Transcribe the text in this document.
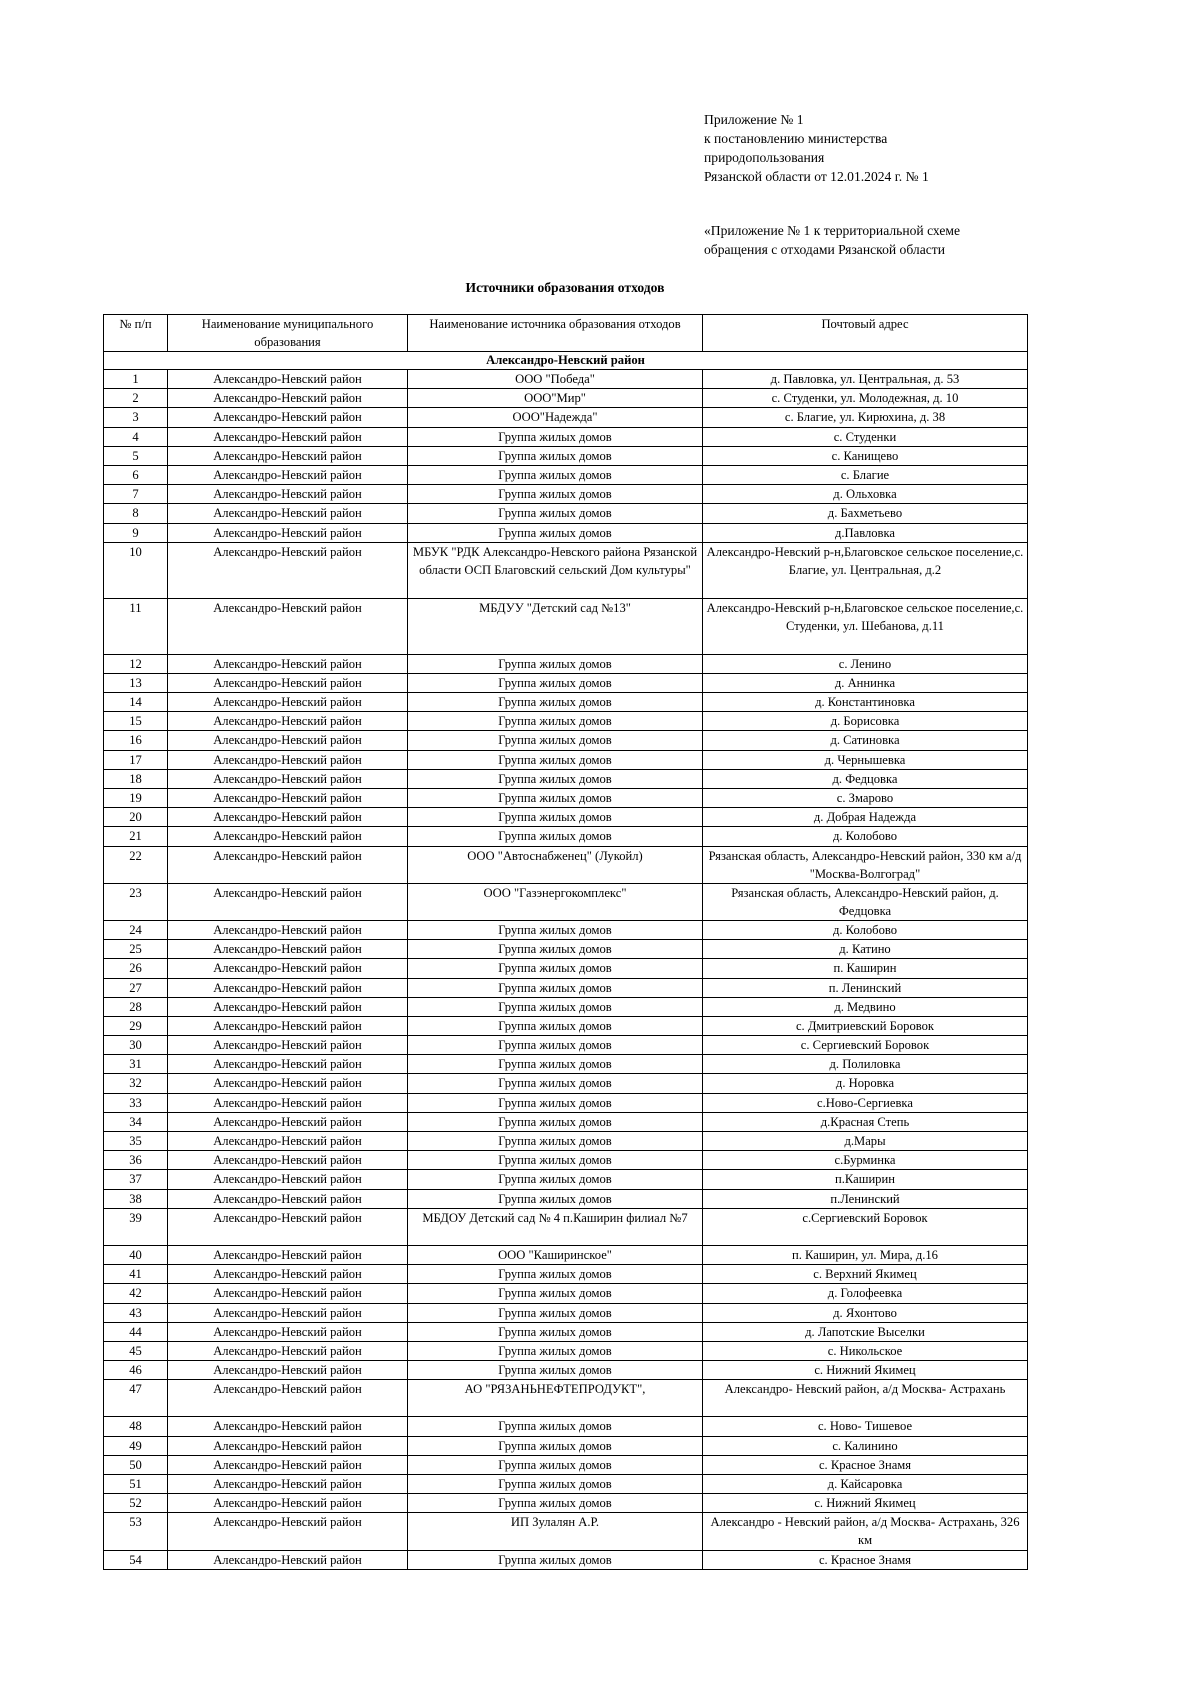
Приложение № 1

к постановлению министерства

природопользования

Рязанской области от 12.01.2024 г. № 1

«Приложение № 1 к территориальной схеме

обращения с отходами Рязанской области

Источники образования отходов
№ п/п	Наименование муниципального образования	Наименование источника образования отходов	Почтовый адрес
Александро-Невский район			
1	Александро-Невский район	ООО "Победа"	д. Павловка, ул. Центральная, д. 53
2	Александро-Невский район	ООО"Мир"	с. Студенки, ул. Молодежная, д. 10
3	Александро-Невский район	ООО"Надежда"	с. Благие, ул. Кирюхина, д. 38
4	Александро-Невский район	Группа жилых домов	с. Студенки
5	Александро-Невский район	Группа жилых домов	с. Канищево
6	Александро-Невский район	Группа жилых домов	с. Благие
7	Александро-Невский район	Группа жилых домов	д. Ольховка
8	Александро-Невский район	Группа жилых домов	д. Бахметьево
9	Александро-Невский район	Группа жилых домов	д.Павловка
10	Александро-Невский район	МБУК "РДК Александро-Невского района Рязанской области ОСП Благовский сельский Дом культуры"	Александро-Невский р-н,Благовское сельское поселение,с. Благие, ул. Центральная, д.2
11	Александро-Невский район	МБДУУ "Детский сад №13"	Александро-Невский р-н,Благовское сельское поселение,с. Студенки, ул. Шебанова, д.11
12	Александро-Невский район	Группа жилых домов	с. Ленино
13	Александро-Невский район	Группа жилых домов	д. Аннинка
14	Александро-Невский район	Группа жилых домов	д. Константиновка
15	Александро-Невский район	Группа жилых домов	д. Борисовка
16	Александро-Невский район	Группа жилых домов	д. Сатиновка
17	Александро-Невский район	Группа жилых домов	д. Чернышевка
18	Александро-Невский район	Группа жилых домов	д. Федцовка
19	Александро-Невский район	Группа жилых домов	с. Змарово
20	Александро-Невский район	Группа жилых домов	д. Добрая Надежда
21	Александро-Невский район	Группа жилых домов	д. Колобово
22	Александро-Невский район	ООО "Автоснабженец" (Лукойл)	Рязанская область, Александро-Невский район, 330 км а/д "Москва-Волгоград"
23	Александро-Невский район	ООО "Газэнергокомплекс"	Рязанская область, Александро-Невский район, д. Федцовка
24	Александро-Невский район	Группа жилых домов	д. Колобово
25	Александро-Невский район	Группа жилых домов	д. Катино
26	Александро-Невский район	Группа жилых домов	п. Каширин
27	Александро-Невский район	Группа жилых домов	п. Ленинский
28	Александро-Невский район	Группа жилых домов	д. Медвино
29	Александро-Невский район	Группа жилых домов	с. Дмитриевский Боровок
30	Александро-Невский район	Группа жилых домов	с. Сергиевский Боровок
31	Александро-Невский район	Группа жилых домов	д. Полиловка
32	Александро-Невский район	Группа жилых домов	д. Норовка
33	Александро-Невский район	Группа жилых домов	с.Ново-Сергиевка
34	Александро-Невский район	Группа жилых домов	д.Красная Степь
35	Александро-Невский район	Группа жилых домов	д.Мары
36	Александро-Невский район	Группа жилых домов	с.Бурминка
37	Александро-Невский район	Группа жилых домов	п.Каширин
38	Александро-Невский район	Группа жилых домов	п.Ленинский
39	Александро-Невский район	МБДОУ Детский сад № 4 п.Каширин филиал №7	с.Сергиевский Боровок
40	Александро-Невский район	ООО "Каширинское"	п. Каширин, ул. Мира, д.16
41	Александро-Невский район	Группа жилых домов	с. Верхний Якимец
42	Александро-Невский район	Группа жилых домов	д. Голофеевка
43	Александро-Невский район	Группа жилых домов	д. Яхонтово
44	Александро-Невский район	Группа жилых домов	д. Лапотские Выселки
45	Александро-Невский район	Группа жилых домов	с. Никольское
46	Александро-Невский район	Группа жилых домов	с. Нижний Якимец
47	Александро-Невский район	АО "РЯЗАНЬНЕФТЕПРОДУКТ",	Александро- Невский район, а/д Москва- Астрахань
48	Александро-Невский район	Группа жилых домов	с. Ново- Тишевое
49	Александро-Невский район	Группа жилых домов	с. Калинино
50	Александро-Невский район	Группа жилых домов	с. Красное Знамя
51	Александро-Невский район	Группа жилых домов	д. Кайсаровка
52	Александро-Невский район	Группа жилых домов	с. Нижний Якимец
53	Александро-Невский район	ИП Зулалян А.Р.	Александро - Невский район, а/д Москва- Астрахань, 326 км
54	Александро-Невский район	Группа жилых домов	с. Красное Знамя
